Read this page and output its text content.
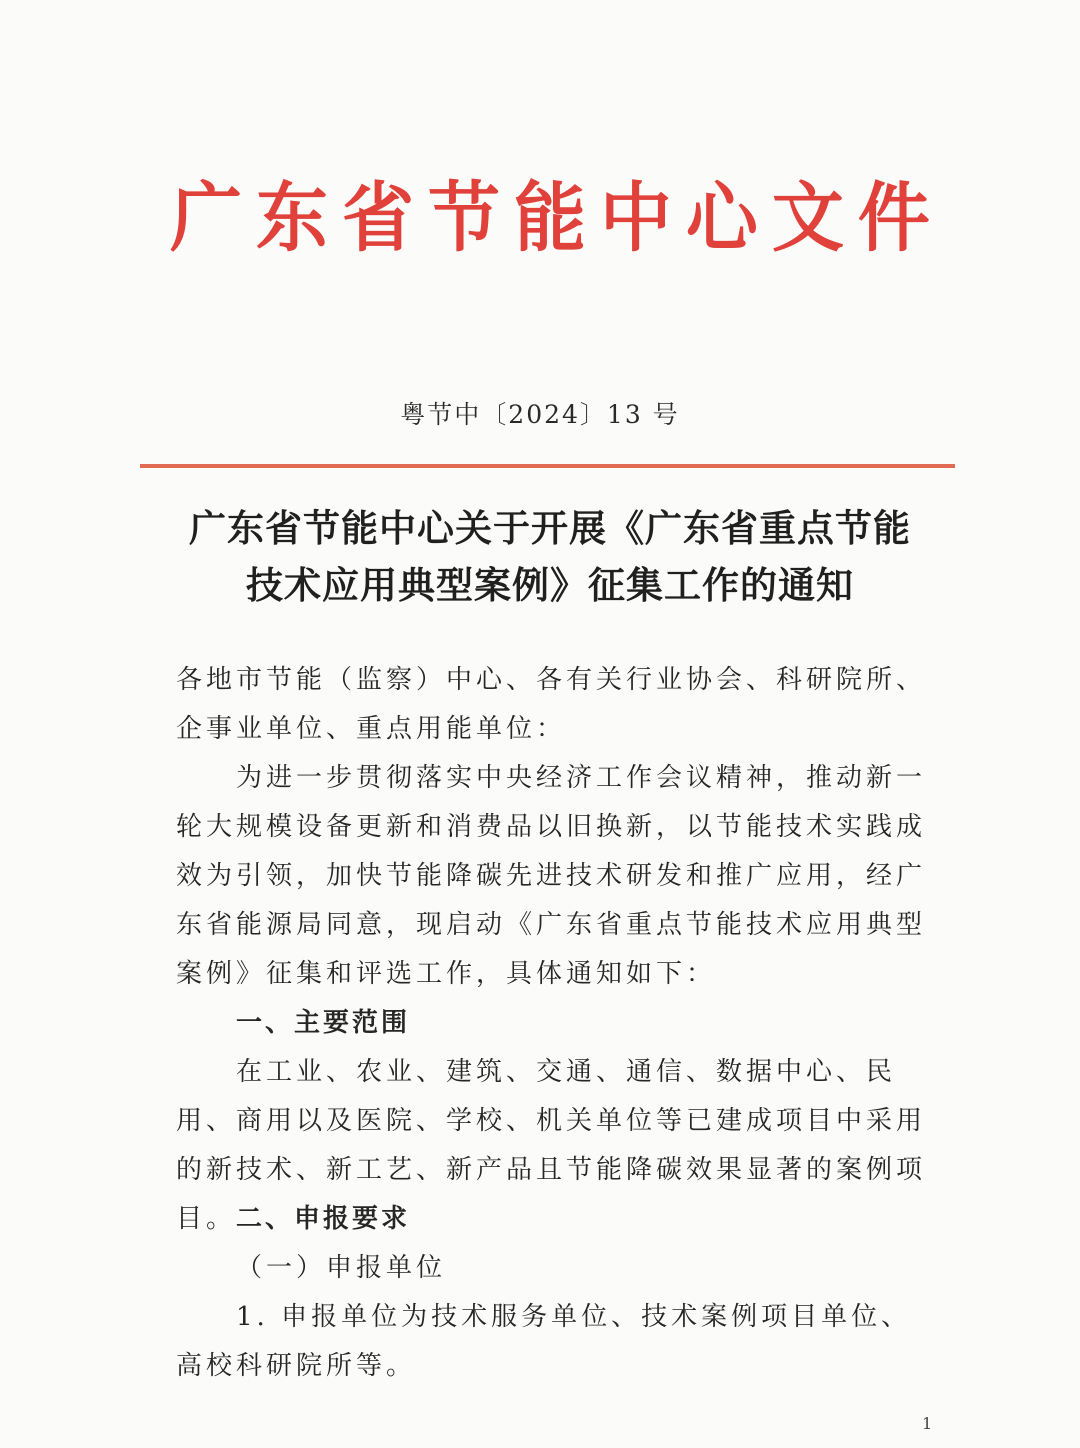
广 东 省 节 能 中 心 文 件
粤节中〔2024〕13 号
广东省节能中心关于开展《广东省重点节能
技术应用典型案例》征集工作的通知

各地市节能（监察）中心、各有关行业协会、科研院所、企事业单位、重点用能单位：

为进一步贯彻落实中央经济工作会议精神，推动新一轮大规模设备更新和消费品以旧换新，以节能技术实践成效为引领，加快节能降碳先进技术研发和推广应用，经广东省能源局同意，现启动《广东省重点节能技术应用典型案例》征集和评选工作，具体通知如下：

一、主要范围

在工业、农业、建筑、交通、通信、数据中心、民用、商用以及医院、学校、机关单位等已建成项目中采用的新技术、新工艺、新产品且节能降碳效果显著的案例项目。 二、申报要求

（一）申报单位

1. 申报单位为技术服务单位、技术案例项目单位、高校科研院所等。

1
